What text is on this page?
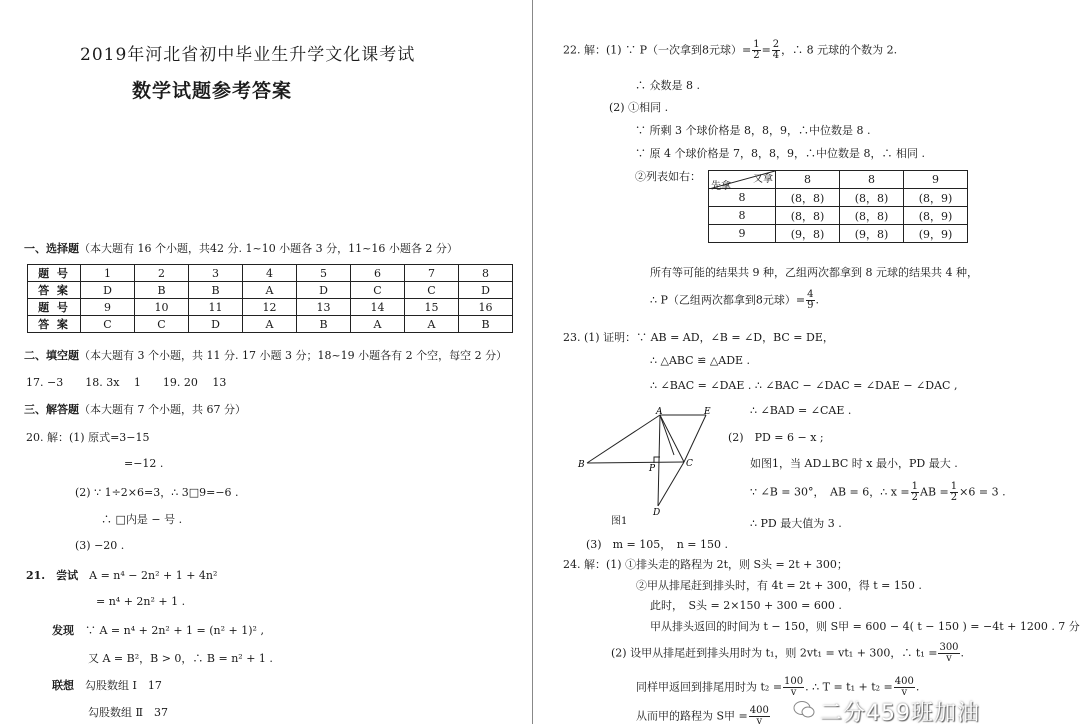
2019年河北省初中毕业生升学文化课考试
数学试题参考答案
一、选择题（本大题有 16 个小题，共42 分. 1~10 小题各 3 分，11~16 小题各 2 分）
题 号	1	2	3	4	5	6	7	8
答 案	D	B	B	A	D	C	C	D
题 号	9	10	11	12	13	14	15	16
答 案	C	C	D	A	B	A	A	B
二、填空题（本大题有 3 个小题，共 11 分. 17 小题 3 分；18~19 小题各有 2 个空，每空 2 分）
17. −3　　18. 3x　 1　　19. 20　 13
三、解答题（本大题有 7 个小题，共 67 分）
20. 解：(1) 原式=3−15
=−12 .
(2) ∵ 1÷2×6=3，∴ 3□9=−6 .
∴ □内是 − 号 .
(3) −20 .
21.　尝试　 A = n⁴ − 2n² + 1 + 4n²
= n⁴ + 2n² + 1 .
发现　 ∵ A = n⁴ + 2n² + 1 = (n² + 1)² ,
又 A = B²，B > 0，∴ B = n² + 1 .
联想　 勾股数组 Ⅰ　17
勾股数组 Ⅱ　37
22. 解：(1) ∵ P（一次拿到8元球）= $\frac{1}{2} = \frac{2}{4}$ ，∴ 8 元球的个数为 2.
∴ 众数是 8 .
(2) ①相同 .
∵ 所剩 3 个球价格是 8，8，9，∴中位数是 8 .
∵ 原 4 个球价格是 7，8，8，9，∴中位数是 8，∴ 相同 .
②列表如右：
先拿
又拿	8	8	9
8	(8，8)	(8，8)	(8，9)
8	(8，8)	(8，8)	(8，9)
9	(9，8)	(9，8)	(9，9)
所有等可能的结果共 9 种，乙组两次都拿到 8 元球的结果共 4 种，
∴ P（乙组两次都拿到8元球）= $\frac{4}{9}$ .
23. (1) 证明：∵ AB = AD，∠B = ∠D，BC = DE，
∴ △ABC ≌ △ADE .
∴ ∠BAC = ∠DAE . ∴ ∠BAC − ∠DAC = ∠DAE − ∠DAC ,
∴ ∠BAD = ∠CAE .
(2)　PD = 6 − x ;
如图1，当 AD⊥BC 时 x 最小，PD 最大 .
∵ ∠B = 30°，　AB = 6，∴ $x = \frac{1}{2}$ AB = $\frac{1}{2} \times 6 = 3$ .
∴ PD 最大值为 3 .
(3)　m = 105，　n = 150 .
A	E
B	P	C
D
图1
24. 解：(1) ①排头走的路程为 2t，则 S头 = 2t + 300；
②甲从排尾赶到排头时，有 4t = 2t + 300，得 t = 150 .
此时，　S头 = 2×150 + 300 = 600 .
甲从排头返回的时间为 t − 150，则 S甲 = 600 − 4( t − 150 ) = −4t + 1200 . 7 分
(2) 设甲从排尾赶到排头用时为 t₁，则 2vt₁ = vt₁ + 300，∴ $t_1 = \frac{300}{v}$ .
同样甲返回到排尾用时为 $t_2 = \frac{100}{v}$ . ∴ $T = t_1 + t_2 = \frac{400}{v}$ .
从而甲的路程为 S甲 = $\frac{400}{v}$ 二分459班加油
